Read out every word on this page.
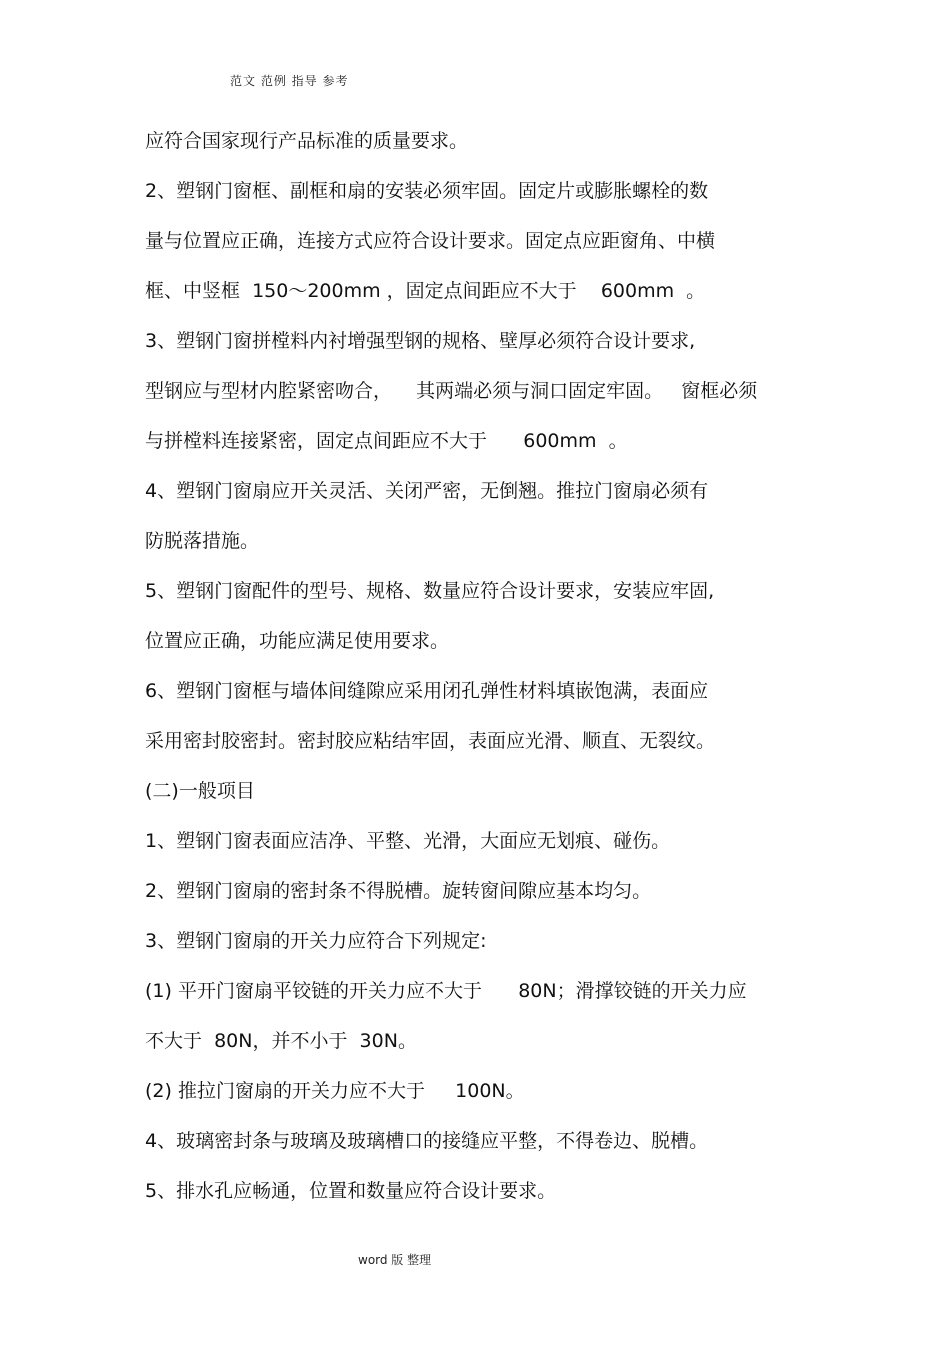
范文 范例 指导 参考
应符合国家现行产品标准的质量要求。
2、塑钢门窗框、副框和扇的安装必须牢固。固定片或膨胀螺栓的数
量与位置应正确，连接方式应符合设计要求。固定点应距窗角、中横
框、中竖框  150～200mm ，固定点间距应不大于    600mm  。
3、塑钢门窗拼樘料内衬增强型钢的规格、壁厚必须符合设计要求,
型钢应与型材内腔紧密吻合，    其两端必须与洞口固定牢固。   窗框必须
与拼樘料连接紧密，固定点间距应不大于      600mm  。
4、塑钢门窗扇应开关灵活、关闭严密，无倒翘。推拉门窗扇必须有
防脱落措施。
5、塑钢门窗配件的型号、规格、数量应符合设计要求，安装应牢固,
位置应正确，功能应满足使用要求。
6、塑钢门窗框与墙体间缝隙应采用闭孔弹性材料填嵌饱满，表面应
采用密封胶密封。密封胶应粘结牢固，表面应光滑、顺直、无裂纹。
(二)一般项目
1、塑钢门窗表面应洁净、平整、光滑，大面应无划痕、碰伤。
2、塑钢门窗扇的密封条不得脱槽。旋转窗间隙应基本均匀。
3、塑钢门窗扇的开关力应符合下列规定:
(1) 平开门窗扇平铰链的开关力应不大于      80N；滑撑铰链的开关力应
不大于  80N，并不小于  30N。
(2) 推拉门窗扇的开关力应不大于     100N。
4、玻璃密封条与玻璃及玻璃槽口的接缝应平整，不得卷边、脱槽。
5、排水孔应畅通，位置和数量应符合设计要求。
word 版 整理
